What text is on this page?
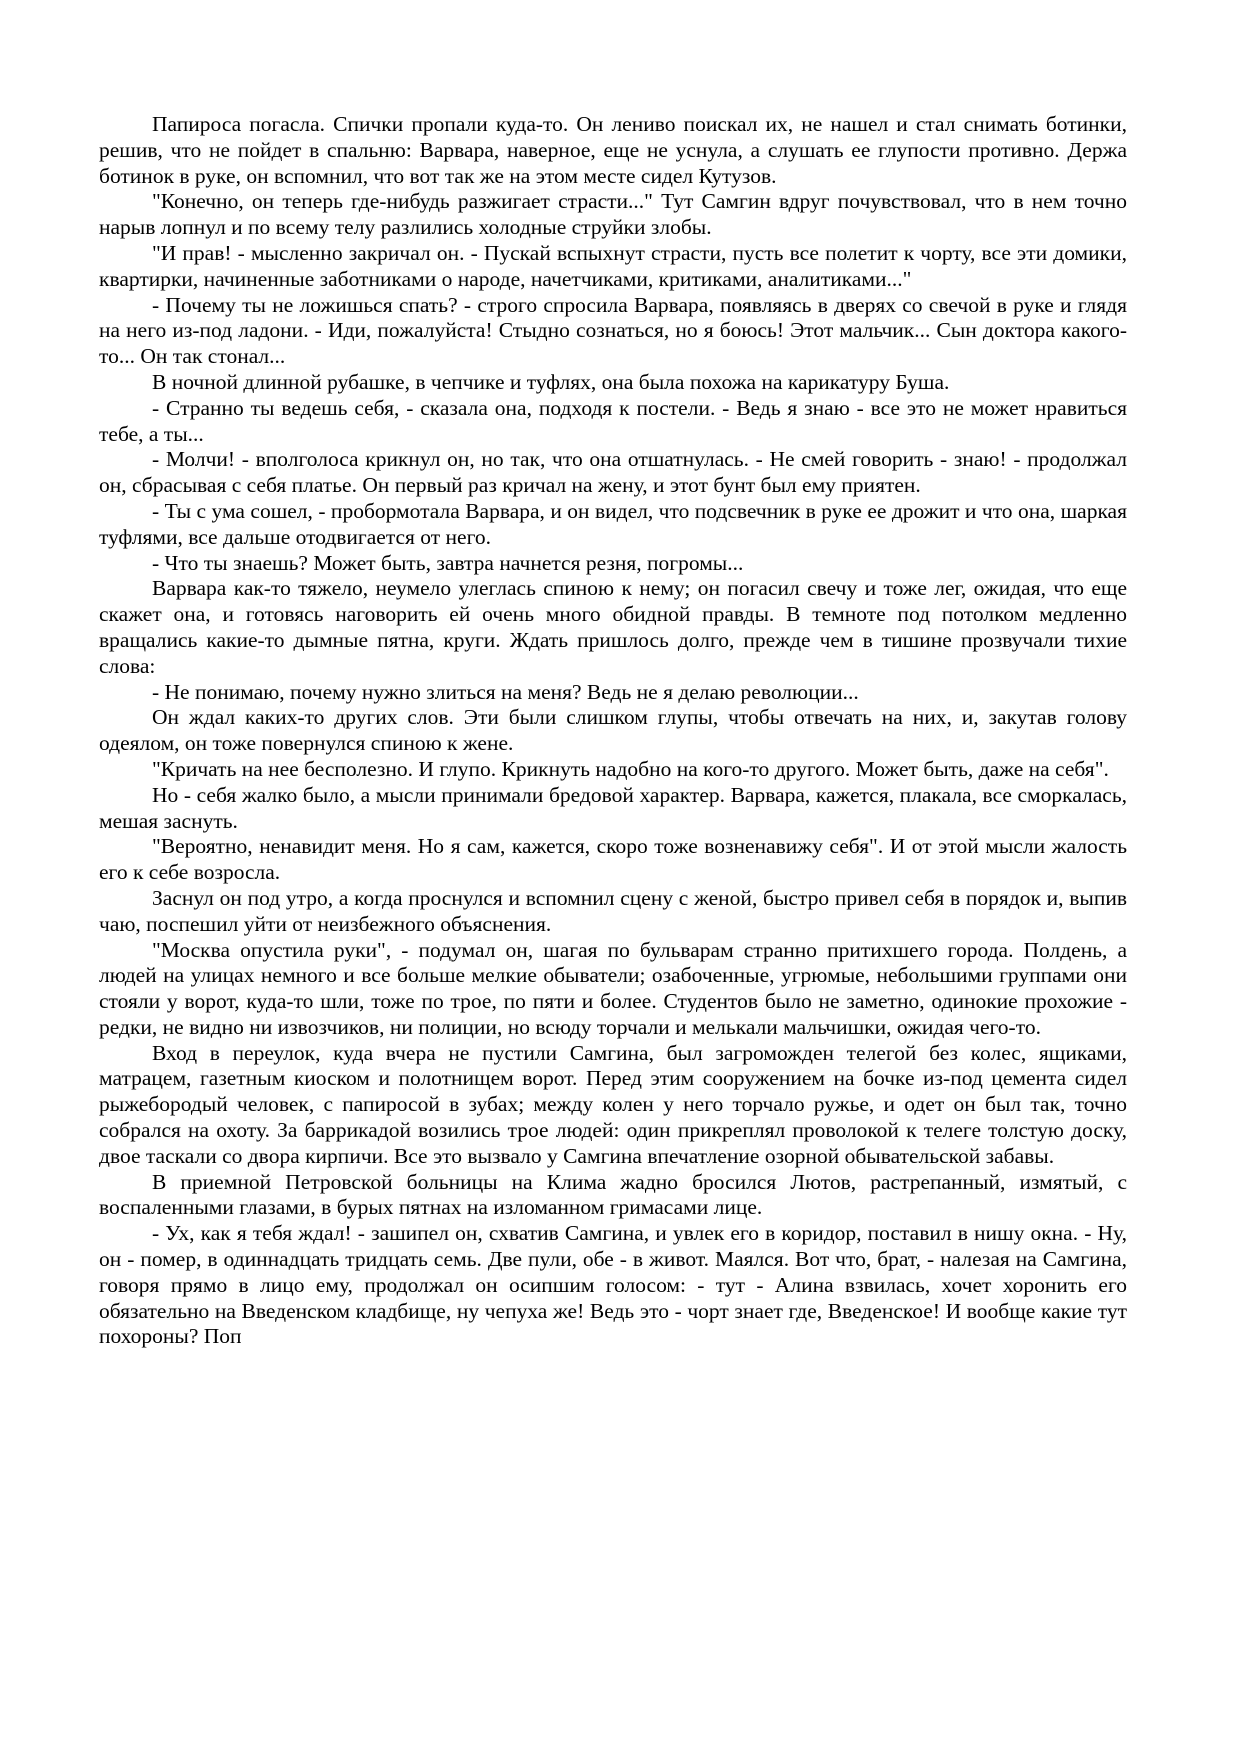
Папироса погасла. Спички пропали куда-то. Он лениво поискал их, не нашел и стал снимать ботинки, решив, что не пойдет в спальню: Варвара, наверное, еще не уснула, а слушать ее глупости противно. Держа ботинок в руке, он вспомнил, что вот так же на этом месте сидел Кутузов.

"Конечно, он теперь где-нибудь разжигает страсти..." Тут Самгин вдруг почувствовал, что в нем точно нарыв лопнул и по всему телу разлились холодные струйки злобы.

"И прав! - мысленно закричал он. - Пускай вспыхнут страсти, пусть все полетит к чорту, все эти домики, квартирки, начиненные заботниками о народе, начетчиками, критиками, аналитиками..."

- Почему ты не ложишься спать? - строго спросила Варвара, появляясь в дверях со свечой в руке и глядя на него из-под ладони. - Иди, пожалуйста! Стыдно сознаться, но я боюсь! Этот мальчик... Сын доктора какого-то... Он так стонал...

В ночной длинной рубашке, в чепчике и туфлях, она была похожа на карикатуру Буша.

- Странно ты ведешь себя, - сказала она, подходя к постели. - Ведь я знаю - все это не может нравиться тебе, а ты...

- Молчи! - вполголоса крикнул он, но так, что она отшатнулась. - Не смей говорить - знаю! - продолжал он, сбрасывая с себя платье. Он первый раз кричал на жену, и этот бунт был ему приятен.

- Ты с ума сошел, - пробормотала Варвара, и он видел, что подсвечник в руке ее дрожит и что она, шаркая туфлями, все дальше отодвигается от него.

- Что ты знаешь? Может быть, завтра начнется резня, погромы...

Варвара как-то тяжело, неумело улеглась спиною к нему; он погасил свечу и тоже лег, ожидая, что еще скажет она, и готовясь наговорить ей очень много обидной правды. В темноте под потолком медленно вращались какие-то дымные пятна, круги. Ждать пришлось долго, прежде чем в тишине прозвучали тихие слова:

- Не понимаю, почему нужно злиться на меня? Ведь не я делаю революции...

Он ждал каких-то других слов. Эти были слишком глупы, чтобы отвечать на них, и, закутав голову одеялом, он тоже повернулся спиною к жене.

"Кричать на нее бесполезно. И глупо. Крикнуть надобно на кого-то другого. Может быть, даже на себя".

Но - себя жалко было, а мысли принимали бредовой характер. Варвара, кажется, плакала, все сморкалась, мешая заснуть.

"Вероятно, ненавидит меня. Но я сам, кажется, скоро тоже возненавижу себя". И от этой мысли жалость его к себе возросла.

Заснул он под утро, а когда проснулся и вспомнил сцену с женой, быстро привел себя в порядок и, выпив чаю, поспешил уйти от неизбежного объяснения.

"Москва опустила руки", - подумал он, шагая по бульварам странно притихшего города. Полдень, а людей на улицах немного и все больше мелкие обыватели; озабоченные, угрюмые, небольшими группами они стояли у ворот, куда-то шли, тоже по трое, по пяти и более. Студентов было не заметно, одинокие прохожие - редки, не видно ни извозчиков, ни полиции, но всюду торчали и мелькали мальчишки, ожидая чего-то.

Вход в переулок, куда вчера не пустили Самгина, был загроможден телегой без колес, ящиками, матрацем, газетным киоском и полотнищем ворот. Перед этим сооружением на бочке из-под цемента сидел рыжебородый человек, с папиросой в зубах; между колен у него торчало ружье, и одет он был так, точно собрался на охоту. За баррикадой возились трое людей: один прикреплял проволокой к телеге толстую доску, двое таскали со двора кирпичи. Все это вызвало у Самгина впечатление озорной обывательской забавы.

В приемной Петровской больницы на Клима жадно бросился Лютов, растрепанный, измятый, с воспаленными глазами, в бурых пятнах на изломанном гримасами лице.

- Ух, как я тебя ждал! - зашипел он, схватив Самгина, и увлек его в коридор, поставил в нишу окна. - Ну, он - помер, в одиннадцать тридцать семь. Две пули, обе - в живот. Маялся. Вот что, брат, - налезая на Самгина, говоря прямо в лицо ему, продолжал он осипшим голосом: - тут - Алина взвилась, хочет хоронить его обязательно на Введенском кладбище, ну чепуха же! Ведь это - чорт знает где, Введенское! И вообще какие тут похороны? Поп
